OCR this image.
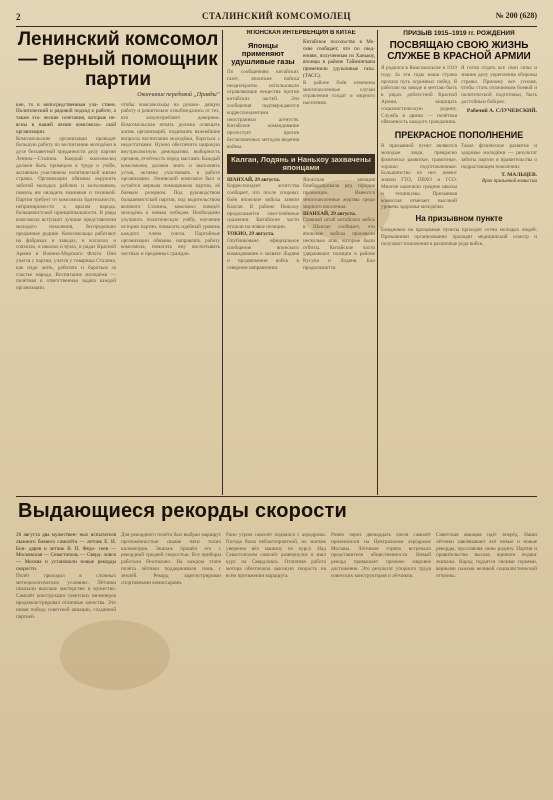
2	СТАЛИНСКИЙ КОМСОМОЛЕЦ	№ 200 (628)
Ленинский комсомол— верный помощник партии
Окончание передовой „Правды“
кие, то и непосредственным уча- стием. Политический и рядовой подход к работе, а также эта- ческие сочетания, которые не- ясны в нашей жизни комсомоль- ской организации.
Комсомольские организации проводят большую работу по воспитанию молодёжи в духе беззаветной преданности делу партии Ленина—Сталина. Каждый комсомолец должен быть примером в труде и учёбе, активным участником политической жизни страны. Организации обязаны окружить заботой молодых рабочих и колхозников, помочь им овладеть знаниями и техникой. Партия требует от комсомола бдительности, непримиримости к врагам народа, большевистской принципиальности. В ряды комсомола вступают лучшие представители молодого поколения, беспредельно преданные родине. Комсомольцы работают на фабриках и заводах, в колхозах и совхозах, в школах и вузах, в рядах Красной Армии и Военно-Морского Флота. Они учатся у партии, учатся у товарища Сталина, как надо жить, работать и бороться за счастье народа. Воспитание молодёжи — почётная и ответственная задача каждой организации.
чтобы комсомольцы на руково- дящую работу и решительно освобождались от тех, кто злоупотребляет доверием. Комсомольская печать должна освещать жизнь организаций, поднимать важнейшие вопросы воспитания молодёжи, бороться с недостатками. Нужно обеспечить широкую внутрисоюзную демократию, выборность органов, отчётность перед массами. Каждый комсомолец должен знать и выполнять устав, активно участвовать в работе организации. Ленинский комсомол был и остаётся верным помощником партии, её боевым резервом. Под руководством большевистской партии, под водительством великого Сталина, комсомол поведёт молодёжь к новым победам. Необходимо улучшить политическую учёбу, изучение истории партии, повысить идейный уровень каждого члена союза. Партийные организации обязаны направлять работу комсомола, помогать ему воспитывать честных и преданных граждан.
ЯПОНСКАЯ ИНТЕРВЕНЦИЯ В КИТАЕ
Японцы применяют удушливые газы
По сообщениям китайских газет, японские войска неоднократно использовали отравляющие вещества против китайских частей. Эти сообщения подтверждаются корреспондентами иностранных агентств. Китайское командование протестует против бесчеловечных методов ведения войны.
Китайское посольство в Мо- скве сообщает, что по свед- ениям, полученным из Ханькоу, японцы в районе Таймингвана применили удушливые газы. (ТАСС).
В районе боёв отмечены многочисленные случаи отравления солдат и мирного населения.
Калган, Лодянь и Наньхоу захвачены японцами
ШАНХАЙ, 29 августа.
Корреспондент агентства сообщает, что после упорных боёв японские войска заняли Калган. В районе Наньхоу продолжаются ожесточённые сражения. Китайские части отошли на новые позиции.
ТОКИО, 29 августа.
Опубликовано официальное сообщение японского командования о захвате Лодяня и продвижении войск в северном направлении.
Японская авиация бомбардировала ряд городов провинции. Имеются многочисленные жертвы среди мирного населения.
ШАНХАЙ, 29 августа.
Главный штаб китайских войск в Шанхае сообщает, что японские войска произвели несколько атак, которые были отбиты. Китайские части удерживают позиции в районе Вусуна и Лодяня. Бои продолжаются.
ПРИЗЫВ 1915–1919 гг. РОЖДЕНИЯ
ПОСВЯЩАЮ СВОЮ ЖИЗНЬ СЛУЖБЕ В КРАСНОЙ АРМИИ
Я родился в Комсомольске в 1919 году. За эти годы наша страна прошла путь огромных побед. Я работаю на заводе и мечтаю быть в рядах доблестной Красной Армии, защищать социалистическую родину. Служба в армии — почётная обязанность каждого гражданина.
Я готов отдать все свои силы и знания делу укрепления обороны страны. Приложу все усилия, чтобы стать отличником боевой и политической подготовки, быть достойным бойцом.
Рабочий А. СЛУЧЕВСКИЙ.
ПРЕКРАСНОЕ ПОПОЛНЕНИЕ
В призывной пункт являются молодые люди, прекрасно физически развитые, грамотные, хорошо подготовленные. Большинство из них имеют значки ГТО, ПВХО и ГСО. Многие окончили средние школы и техникумы. Призывная комиссия отмечает высокий уровень здоровья молодёжи.
Такое физическое развитие и здоровье молодёжи — результат заботы партии и правительства о подрастающем поколении.
Т. МАЛЬЦЕВ.
Врач призывной комиссии
На призывном пункте
Ежедневно на призывные пункты приходят сотни молодых людей. Призывники организованно проходят медицинский осмотр и получают назначения в различные рода войск.
Выдающиеся рекорды скорости
26 августа два мужествен- ных испытателя лыжного боевого самолёта — летчик Е. И. Бон- дарев и летчик В. П. Федо- сеев — Московская — Севастополь — Сверд- ловск — Москва и установили новые рекорды скорости.
Полёт проходил в сложных метеорологических условиях. Лётчики показали высокое мастерство и мужество. Самолёт конструкции советских инженеров продемонстрировал отличные качества. Это новая победа советской авиации, созданной партией.
Для рекордного полёта был выбран маршрут протяжённостью свыше пяти тысяч километров. Экипаж прошёл его с рекордной средней скоростью. Все приборы работали безотказно. На каждом этапе полёта лётчики поддерживали связь с землёй. Рекорд зарегистрирован спортивными комиссарами.
Рано утром самолёт поднялся с аэродрома. Погода была неблагоприятной, но экипаж уверенно вёл машину по курсу. Над Севастополем самолёт развернулся и взял курс на Свердловск. Отличная работа мотора обеспечила высокую скорость на всём протяжении маршрута.
Ровно через двенадцать часов самолёт приземлился на Центральном аэродроме Москвы. Лётчиков горячо встречали представители общественности. Новый рекорд превышает прежнее мировое достижение. Это результат упорного труда советских конструкторов и лётчиков.
Советская авиация идёт вперёд. Наши лётчики завоёвывают всё новые и новые рекорды, прославляя свою родину. Партия и правительство высоко оценили подвиг экипажа. Народ гордится своими героями, верными сынами великой социалистической отчизны.
